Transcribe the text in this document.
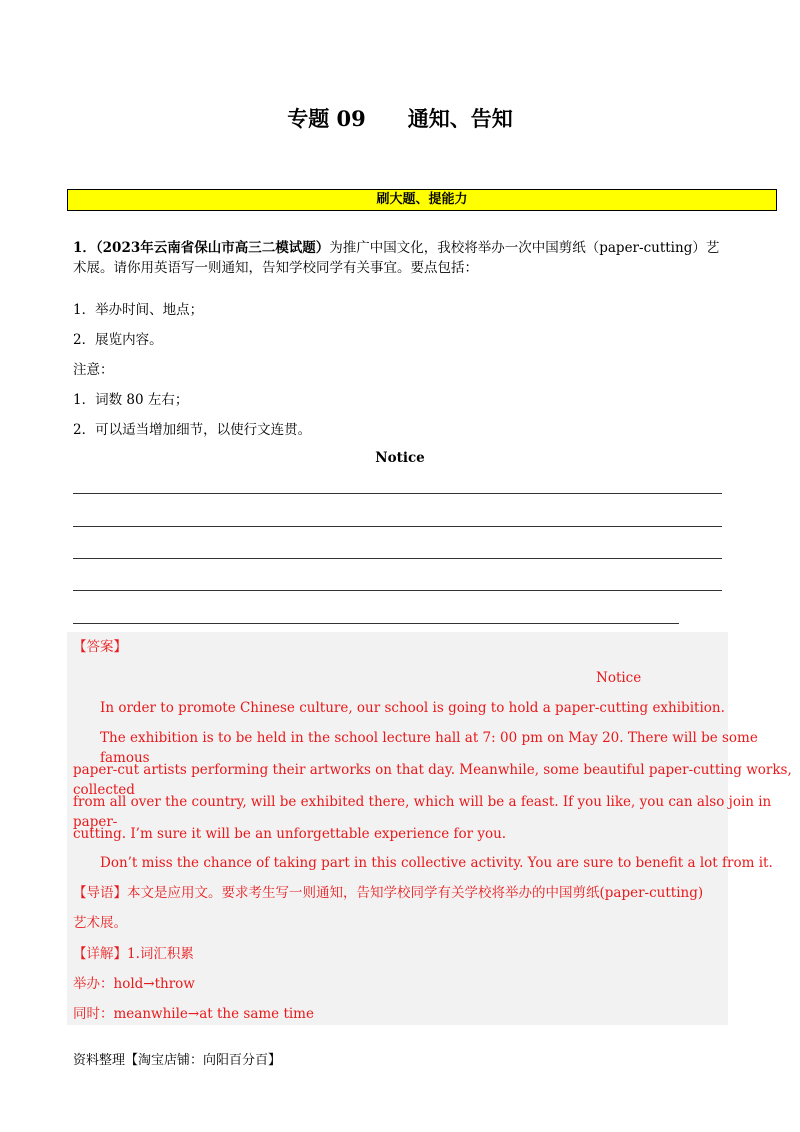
专题 09　　通知、告知
刷大题、提能力
1．（2023年云南省保山市高三二模试题）为推广中国文化，我校将举办一次中国剪纸（paper-cutting）艺术展。请你用英语写一则通知，告知学校同学有关事宜。要点包括：
1．举办时间、地点；
2．展览内容。
注意：
1．词数 80 左右；
2．可以适当增加细节，以使行文连贯。
Notice
【答案】
Notice
In order to promote Chinese culture, our school is going to hold a paper-cutting exhibition.
The exhibition is to be held in the school lecture hall at 7: 00 pm on May 20. There will be some famous
paper-cut artists performing their artworks on that day. Meanwhile, some beautiful paper-cutting works, collected
from all over the country, will be exhibited there, which will be a feast. If you like, you can also join in paper-
cutting. I’m sure it will be an unforgettable experience for you.
Don’t miss the chance of taking part in this collective activity. You are sure to benefit a lot from it.
【导语】本文是应用文。要求考生写一则通知，告知学校同学有关学校将举办的中国剪纸(paper-cutting)
艺术展。
【详解】1.词汇积累
举办：hold→throw
同时：meanwhile→at the same time
资料整理【淘宝店铺：向阳百分百】
